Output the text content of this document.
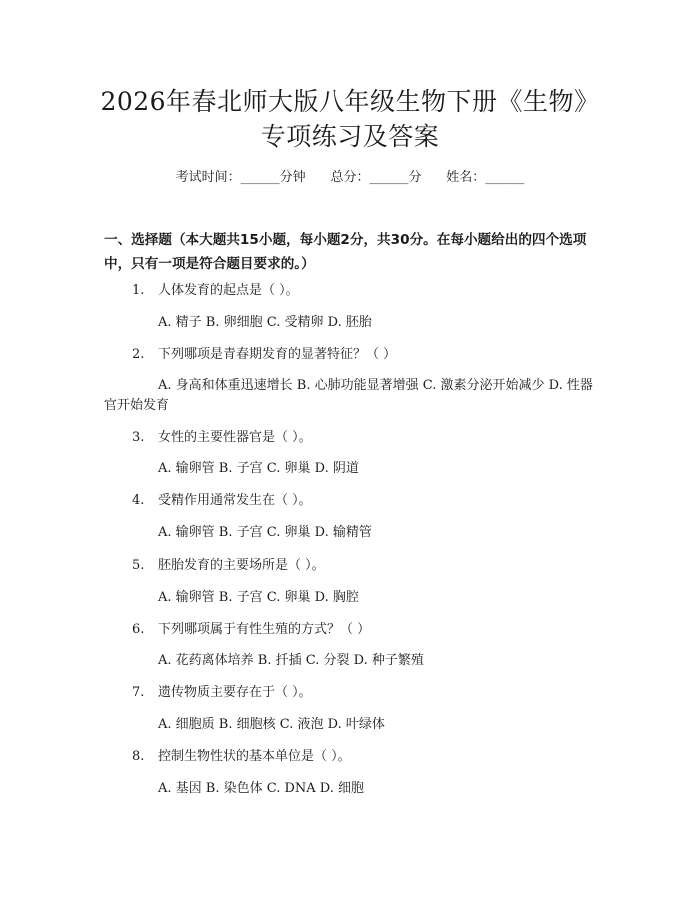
2026年春北师大版八年级生物下册《生物》
专项练习及答案
考试时间：______分钟 总分：______分 姓名：______
一、选择题（本大题共15小题，每小题2分，共30分。在每小题给出的四个选项中，只有一项是符合题目要求的。）
1. 人体发育的起点是（ ）。
A. 精子 B. 卵细胞 C. 受精卵 D. 胚胎
2. 下列哪项是青春期发育的显著特征？（ ）
A. 身高和体重迅速增长 B. 心肺功能显著增强 C. 激素分泌开始减少 D. 性器官开始发育
3. 女性的主要性器官是（ ）。
A. 输卵管 B. 子宫 C. 卵巢 D. 阴道
4. 受精作用通常发生在（ ）。
A. 输卵管 B. 子宫 C. 卵巢 D. 输精管
5. 胚胎发育的主要场所是（ ）。
A. 输卵管 B. 子宫 C. 卵巢 D. 胸腔
6. 下列哪项属于有性生殖的方式？（ ）
A. 花药离体培养 B. 扦插 C. 分裂 D. 种子繁殖
7. 遗传物质主要存在于（ ）。
A. 细胞质 B. 细胞核 C. 液泡 D. 叶绿体
8. 控制生物性状的基本单位是（ ）。
A. 基因 B. 染色体 C. DNA D. 细胞
